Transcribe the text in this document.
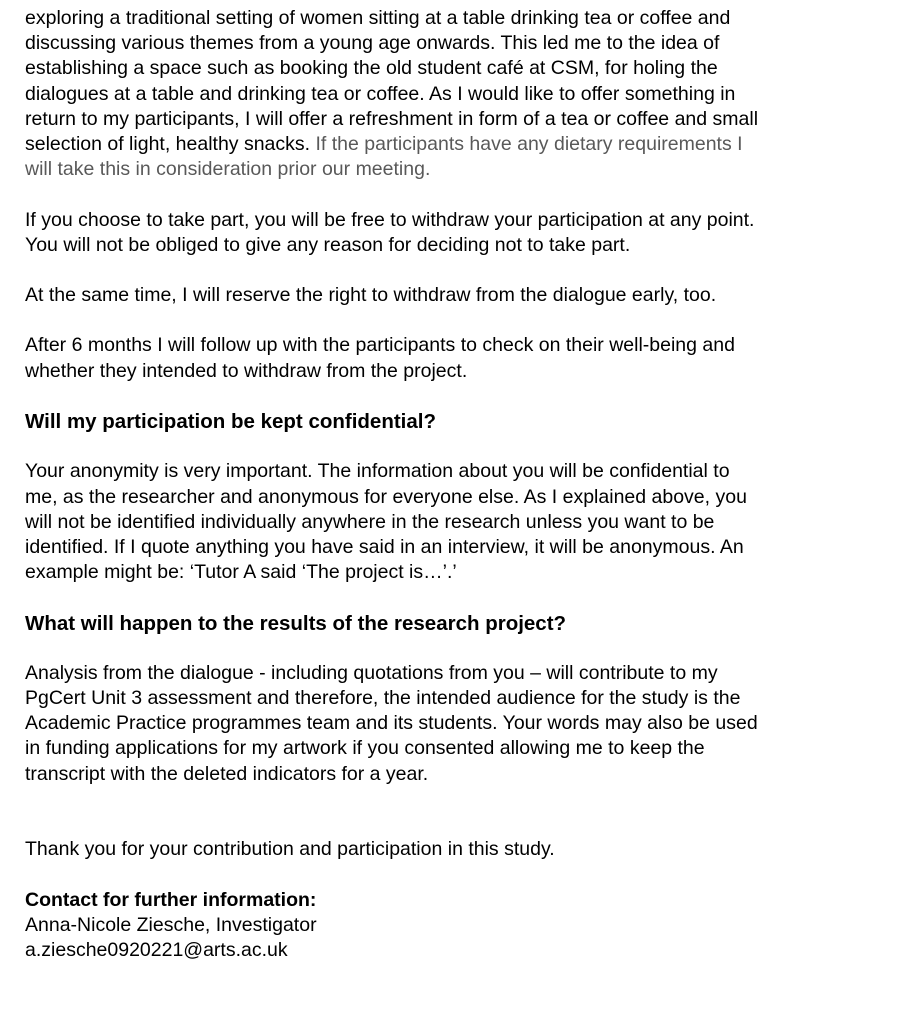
exploring a traditional setting of women sitting at a table drinking tea or coffee and
discussing various themes from a young age onwards. This led me to the idea of
establishing a space such as booking the old student café at CSM, for holing the
dialogues at a table and drinking tea or coffee. As I would like to offer something in
return to my participants, I will offer a refreshment in form of a tea or coffee and small
selection of light, healthy snacks. If the participants have any dietary requirements I
will take this in consideration prior our meeting.
If you choose to take part, you will be free to withdraw your participation at any point.
You will not be obliged to give any reason for deciding not to take part.
At the same time, I will reserve the right to withdraw from the dialogue early, too.
After 6 months I will follow up with the participants to check on their well-being and
whether they intended to withdraw from the project.
Will my participation be kept confidential?
Your anonymity is very important. The information about you will be confidential to
me, as the researcher and anonymous for everyone else. As I explained above, you
will not be identified individually anywhere in the research unless you want to be
identified. If I quote anything you have said in an interview, it will be anonymous. An
example might be: ‘Tutor A said ‘The project is…’.’
What will happen to the results of the research project?
Analysis from the dialogue - including quotations from you – will contribute to my
PgCert Unit 3 assessment and therefore, the intended audience for the study is the
Academic Practice programmes team and its students. Your words may also be used
in funding applications for my artwork if you consented allowing me to keep the
transcript with the deleted indicators for a year.
Thank you for your contribution and participation in this study.
Contact for further information:
Anna-Nicole Ziesche, Investigator
a.ziesche0920221@arts.ac.uk
